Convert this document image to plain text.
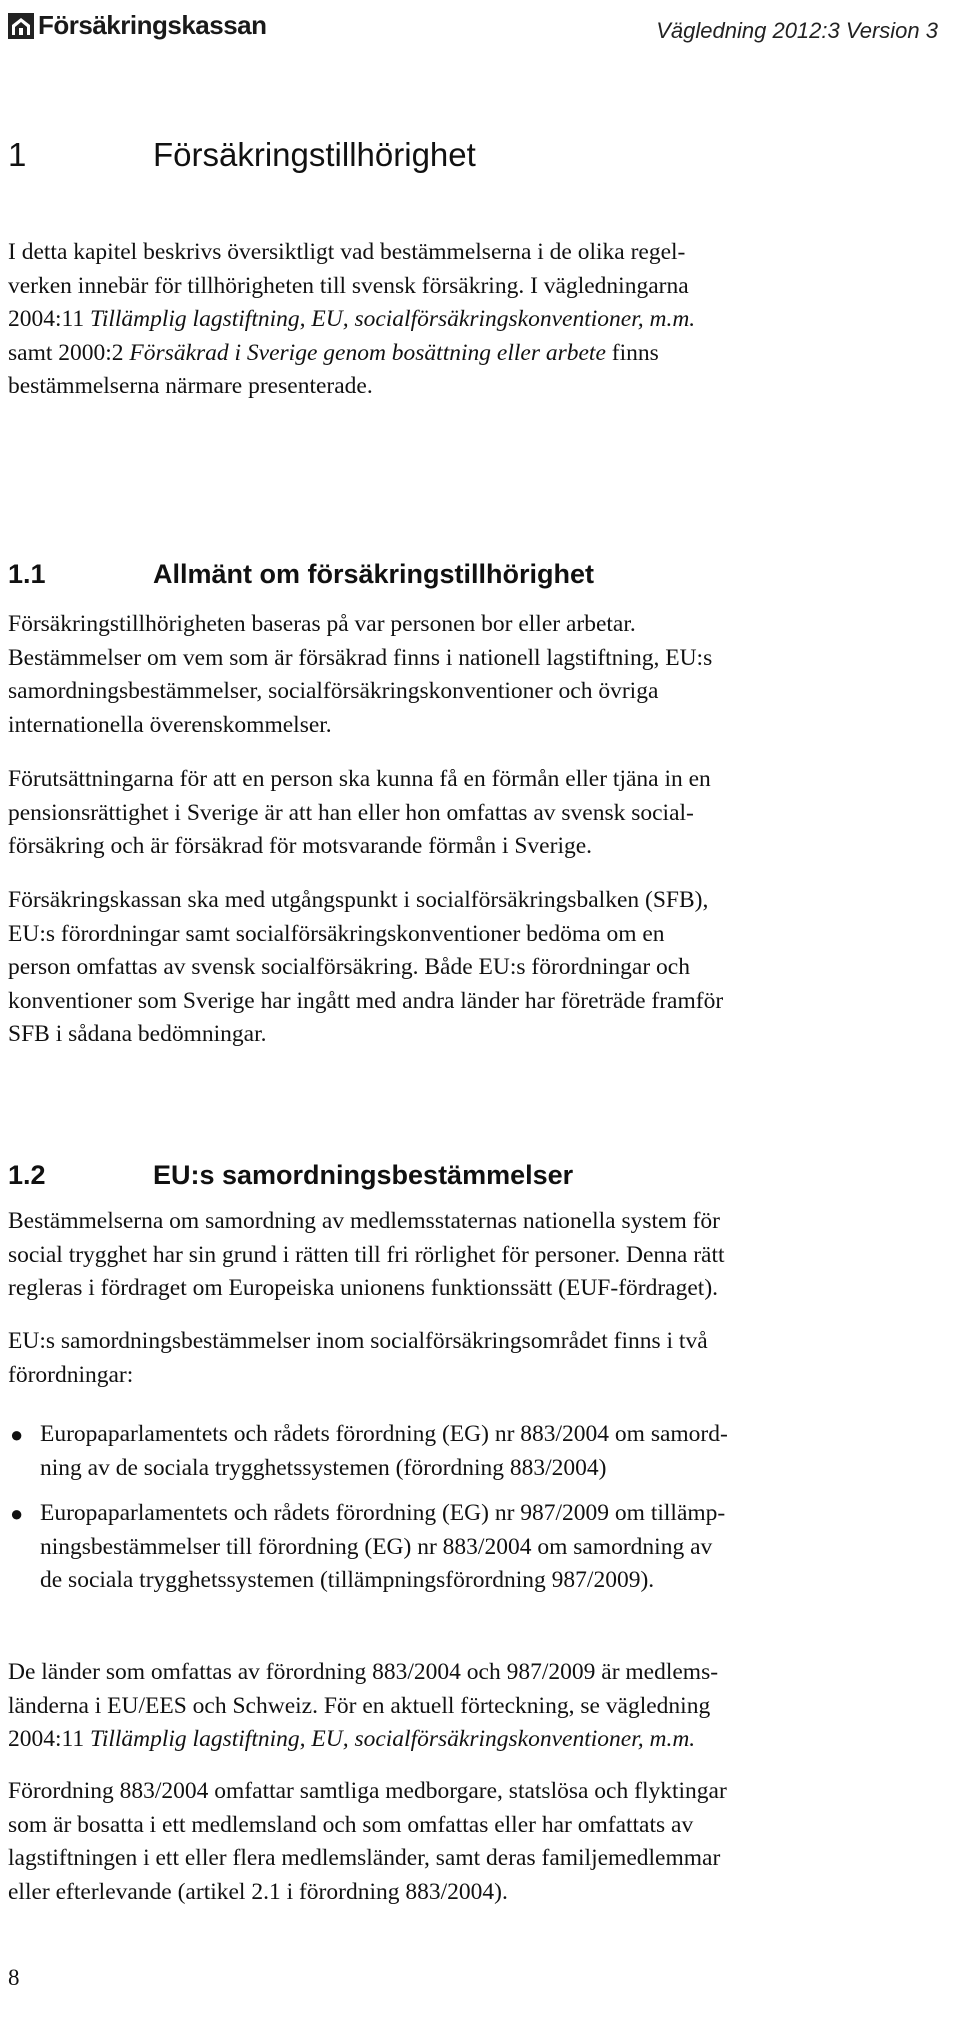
Försäkringskassan	Vägledning 2012:3 Version 3
1	Försäkringstillhörighet
I detta kapitel beskrivs översiktligt vad bestämmelserna i de olika regel-
verken innebär för tillhörigheten till svensk försäkring. I vägledningarna
2004:11 Tillämplig lagstiftning, EU, socialförsäkringskonventioner, m.m.
samt 2000:2 Försäkrad i Sverige genom bosättning eller arbete finns
bestämmelserna närmare presenterade.
1.1	Allmänt om försäkringstillhörighet
Försäkringstillhörigheten baseras på var personen bor eller arbetar.
Bestämmelser om vem som är försäkrad finns i nationell lagstiftning, EU:s
samordningsbestämmelser, socialförsäkringskonventioner och övriga
internationella överenskommelser.
Förutsättningarna för att en person ska kunna få en förmån eller tjäna in en
pensionsrättighet i Sverige är att han eller hon omfattas av svensk social-
försäkring och är försäkrad för motsvarande förmån i Sverige.
Försäkringskassan ska med utgångspunkt i socialförsäkringsbalken (SFB),
EU:s förordningar samt socialförsäkringskonventioner bedöma om en
person omfattas av svensk socialförsäkring. Både EU:s förordningar och
konventioner som Sverige har ingått med andra länder har företräde framför
SFB i sådana bedömningar.
1.2	EU:s samordningsbestämmelser
Bestämmelserna om samordning av medlemsstaternas nationella system för
social trygghet har sin grund i rätten till fri rörlighet för personer. Denna rätt
regleras i fördraget om Europeiska unionens funktionssätt (EUF-fördraget).
EU:s samordningsbestämmelser inom socialförsäkringsområdet finns i två
förordningar:
● Europaparlamentets och rådets förordning (EG) nr 883/2004 om samord-
ning av de sociala trygghetssystemen (förordning 883/2004)
● Europaparlamentets och rådets förordning (EG) nr 987/2009 om tillämp-
ningsbestämmelser till förordning (EG) nr 883/2004 om samordning av
de sociala trygghetssystemen (tillämpningsförordning 987/2009).
De länder som omfattas av förordning 883/2004 och 987/2009 är medlems-
länderna i EU/EES och Schweiz. För en aktuell förteckning, se vägledning
2004:11 Tillämplig lagstiftning, EU, socialförsäkringskonventioner, m.m.
Förordning 883/2004 omfattar samtliga medborgare, statslösa och flyktingar
som är bosatta i ett medlemsland och som omfattas eller har omfattats av
lagstiftningen i ett eller flera medlemsländer, samt deras familjemedlemmar
eller efterlevande (artikel 2.1 i förordning 883/2004).
8
